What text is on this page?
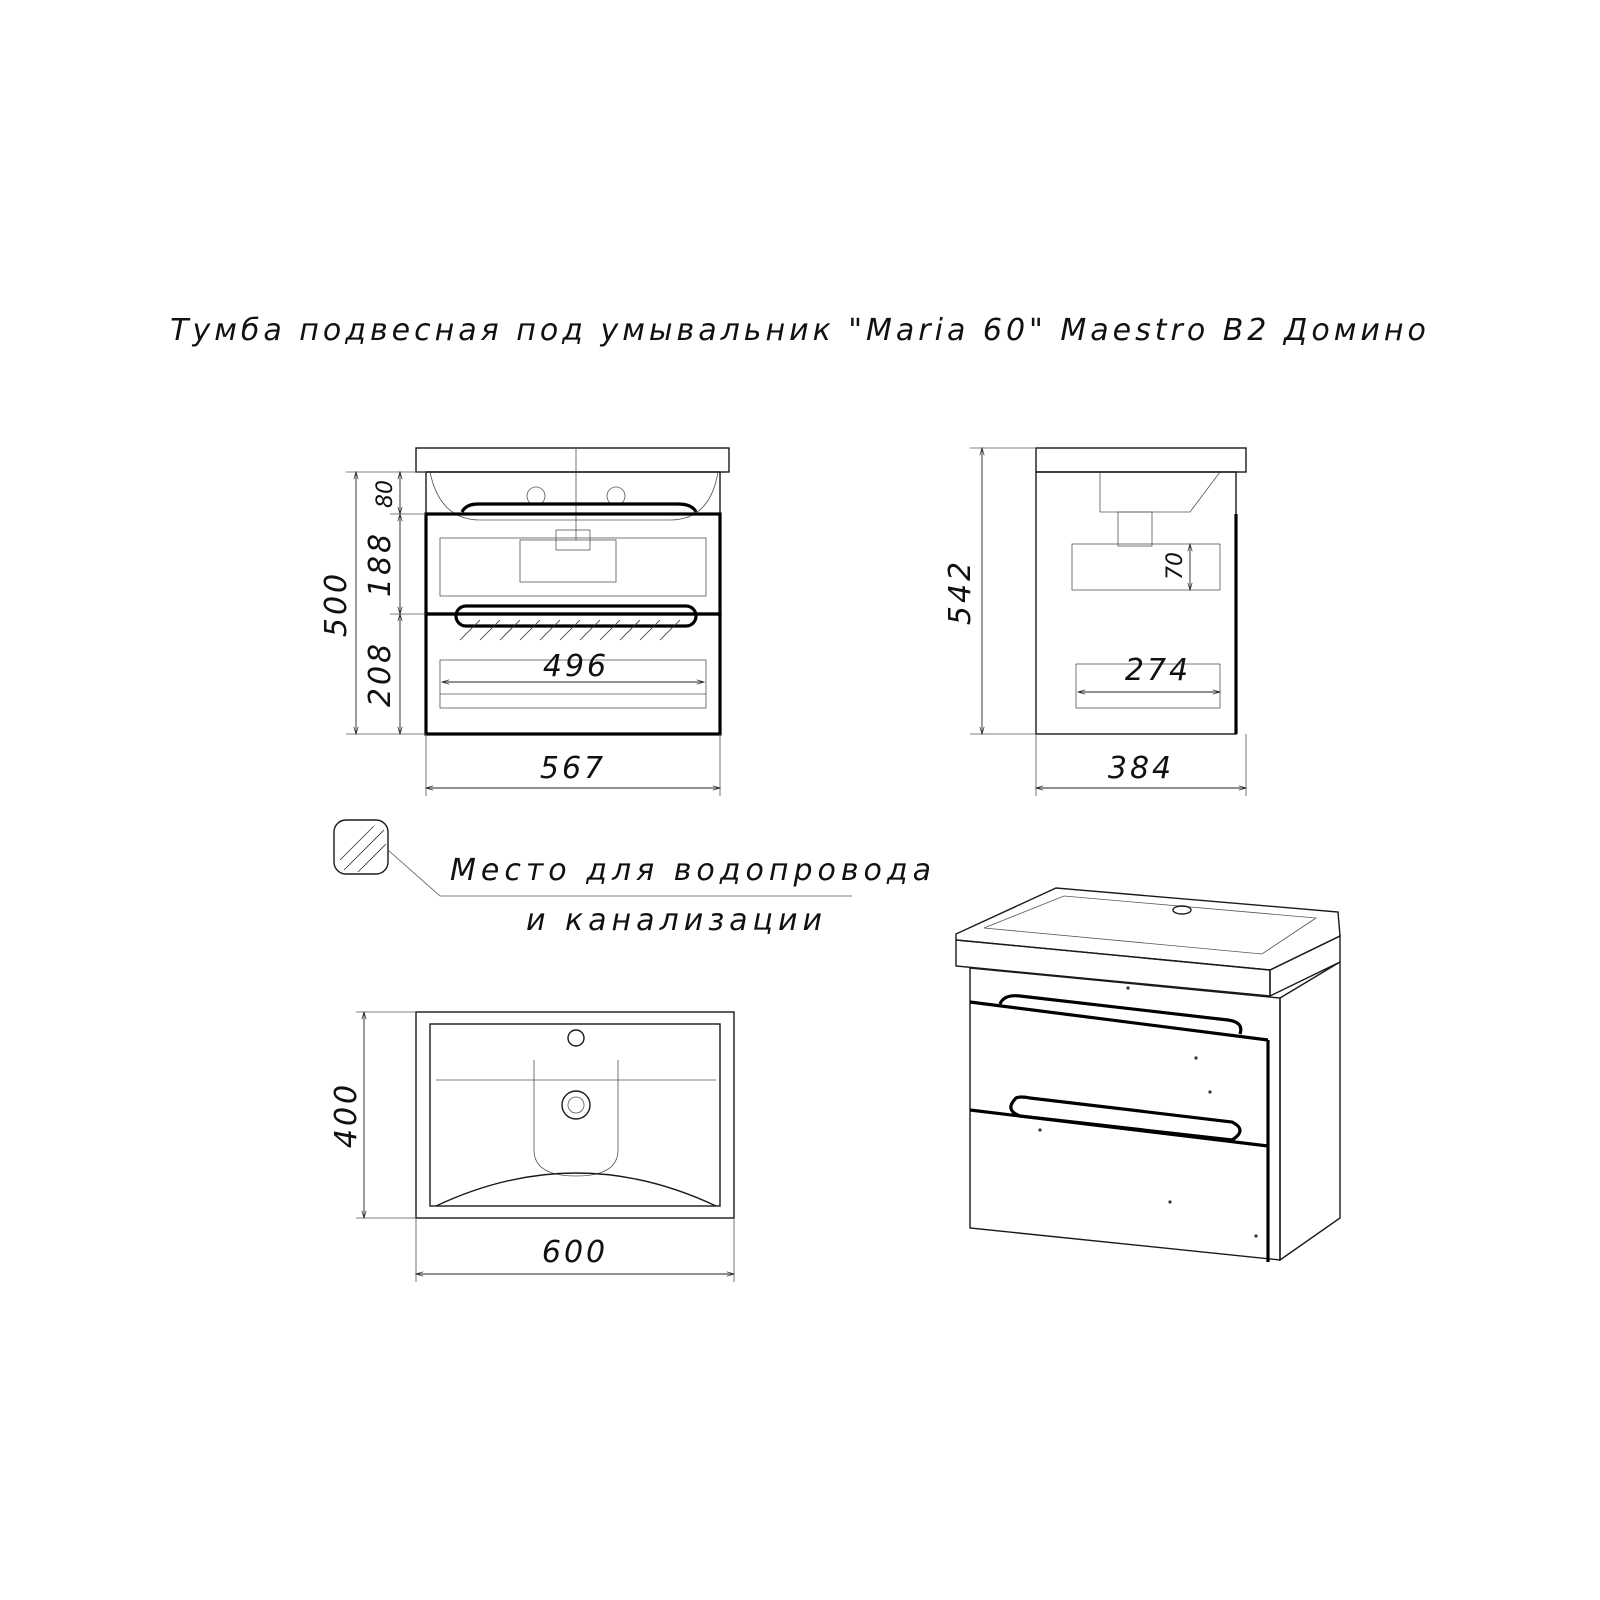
Тумба подвесная под умывальник "Maria 60" Maestro B2 Домино
496
500
80
188
208
567
70
274
542
384
Место для водопровода
и канализации
400
600
